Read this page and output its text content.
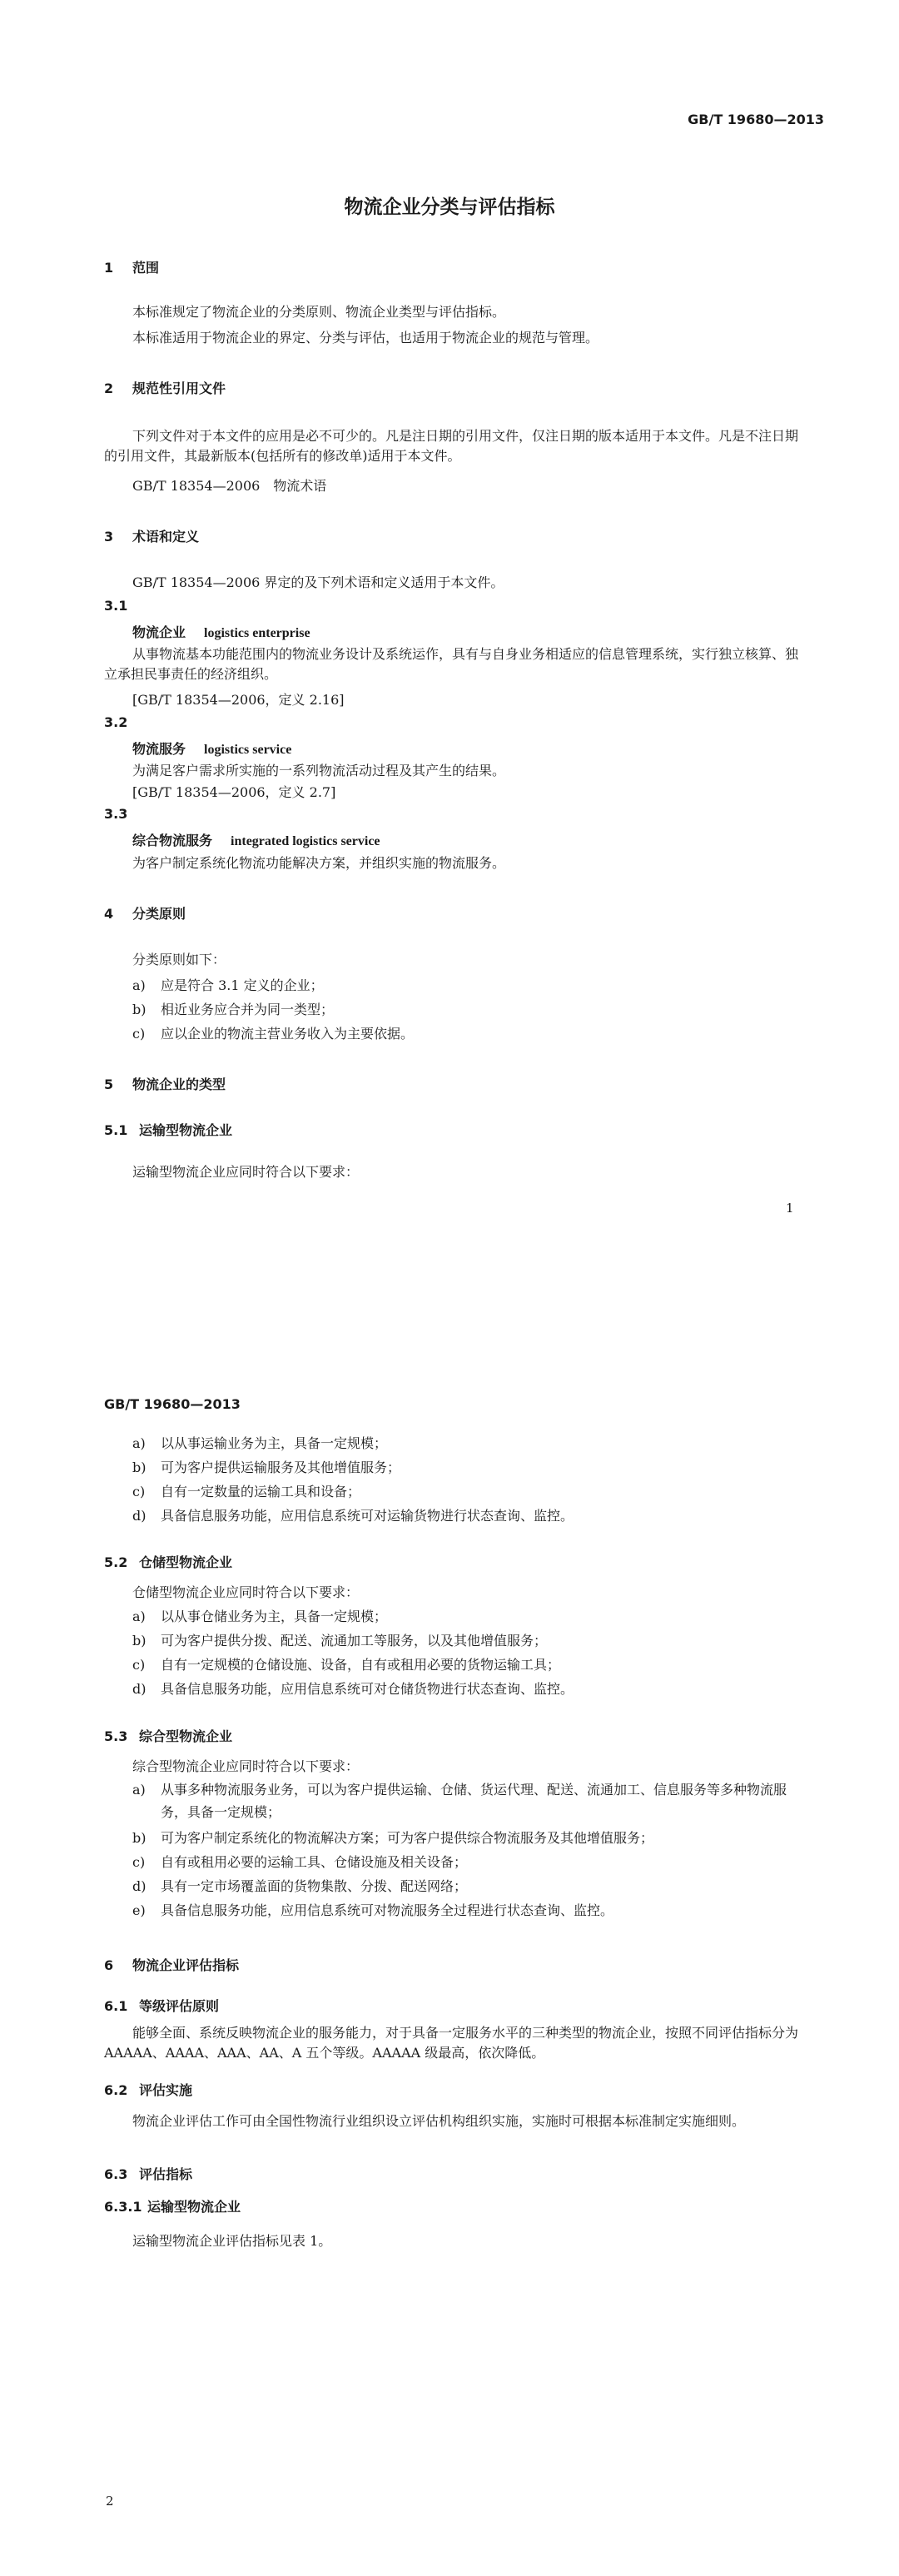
GB/T 19680—2013
物流企业分类与评估指标
1 范围
本标准规定了物流企业的分类原则、物流企业类型与评估指标。
本标准适用于物流企业的界定、分类与评估，也适用于物流企业的规范与管理。
2 规范性引用文件
下列文件对于本文件的应用是必不可少的。凡是注日期的引用文件，仅注日期的版本适用于本文件。凡是不注日期的引用文件，其最新版本(包括所有的修改单)适用于本文件。
GB/T 18354—2006　物流术语
3 术语和定义
GB/T 18354—2006 界定的及下列术语和定义适用于本文件。
3.1
物流企业 logistics enterprise
从事物流基本功能范围内的物流业务设计及系统运作，具有与自身业务相适应的信息管理系统，实行独立核算、独立承担民事责任的经济组织。
[GB/T 18354—2006，定义 2.16]
3.2
物流服务 logistics service
为满足客户需求所实施的一系列物流活动过程及其产生的结果。
[GB/T 18354—2006，定义 2.7]
3.3
综合物流服务 integrated logistics service
为客户制定系统化物流功能解决方案，并组织实施的物流服务。
4 分类原则
分类原则如下：
a) 应是符合 3.1 定义的企业；
b) 相近业务应合并为同一类型；
c) 应以企业的物流主营业务收入为主要依据。
5 物流企业的类型
5.1 运输型物流企业
运输型物流企业应同时符合以下要求：
1
GB/T 19680—2013
a) 以从事运输业务为主，具备一定规模；
b) 可为客户提供运输服务及其他增值服务；
c) 自有一定数量的运输工具和设备；
d) 具备信息服务功能，应用信息系统可对运输货物进行状态查询、监控。
5.2 仓储型物流企业
仓储型物流企业应同时符合以下要求：
a) 以从事仓储业务为主，具备一定规模；
b) 可为客户提供分拨、配送、流通加工等服务，以及其他增值服务；
c) 自有一定规模的仓储设施、设备，自有或租用必要的货物运输工具；
d) 具备信息服务功能，应用信息系统可对仓储货物进行状态查询、监控。
5.3 综合型物流企业
综合型物流企业应同时符合以下要求：
a)	从事多种物流服务业务，可以为客户提供运输、仓储、货运代理、配送、流通加工、信息服务等多种物流服务，具备一定规模；
b) 可为客户制定系统化的物流解决方案；可为客户提供综合物流服务及其他增值服务；
c) 自有或租用必要的运输工具、仓储设施及相关设备；
d) 具有一定市场覆盖面的货物集散、分拨、配送网络；
e) 具备信息服务功能，应用信息系统可对物流服务全过程进行状态查询、监控。
6 物流企业评估指标
6.1 等级评估原则
能够全面、系统反映物流企业的服务能力，对于具备一定服务水平的三种类型的物流企业，按照不同评估指标分为 AAAAA、AAAA、AAA、AA、A 五个等级。AAAAA 级最高，依次降低。
6.2 评估实施
物流企业评估工作可由全国性物流行业组织设立评估机构组织实施，实施时可根据本标准制定实施细则。
6.3 评估指标
6.3.1 运输型物流企业
运输型物流企业评估指标见表 1。
2
